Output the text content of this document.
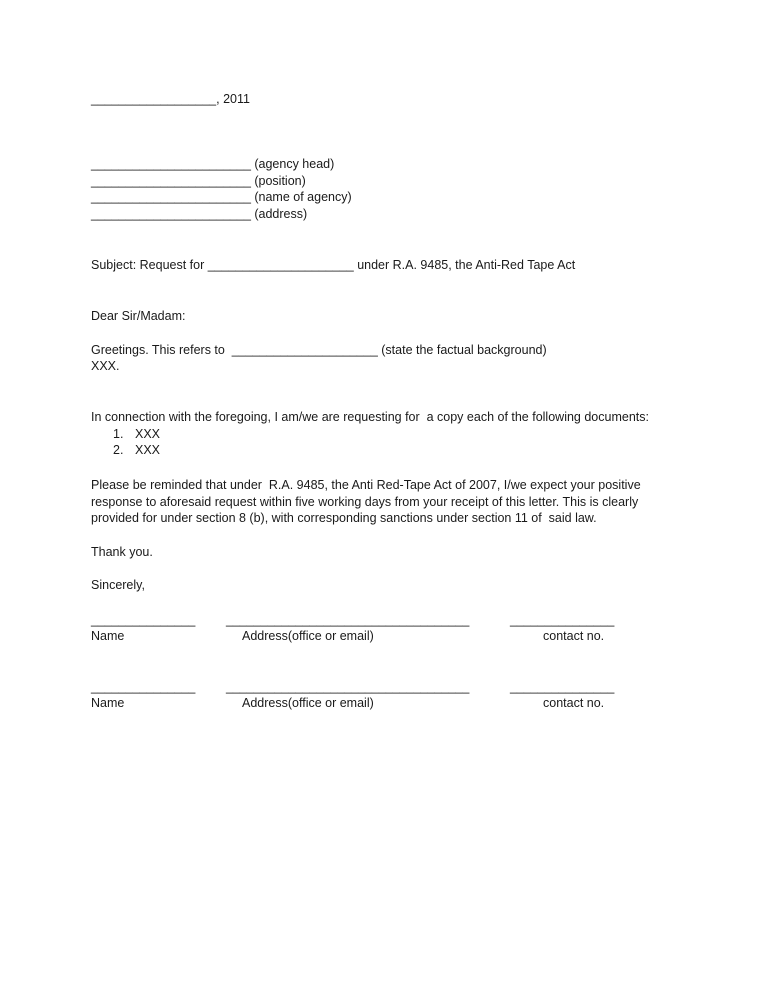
__________________, 2011
_______________________ (agency head)
_______________________ (position)
_______________________ (name of agency)
_______________________ (address)
Subject: Request for _____________________ under R.A. 9485, the Anti-Red Tape Act
Dear Sir/Madam:
Greetings. This refers to  _____________________ (state the factual background)
XXX.
In connection with the foregoing, I am/we are requesting for  a copy each of the following documents:
1. XXX
2. XXX
Please be reminded that under  R.A. 9485, the Anti Red-Tape Act of 2007, I/we expect your positive
response to aforesaid request within five working days from your receipt of this letter. This is clearly
provided for under section 8 (b), with corresponding sanctions under section 11 of  said law.
Thank you.
Sincerely,
_______________ ___________________________________	_______________
Name	Address(office or email)	contact no.
_______________ ___________________________________	_______________
Name	Address(office or email)	contact no.
